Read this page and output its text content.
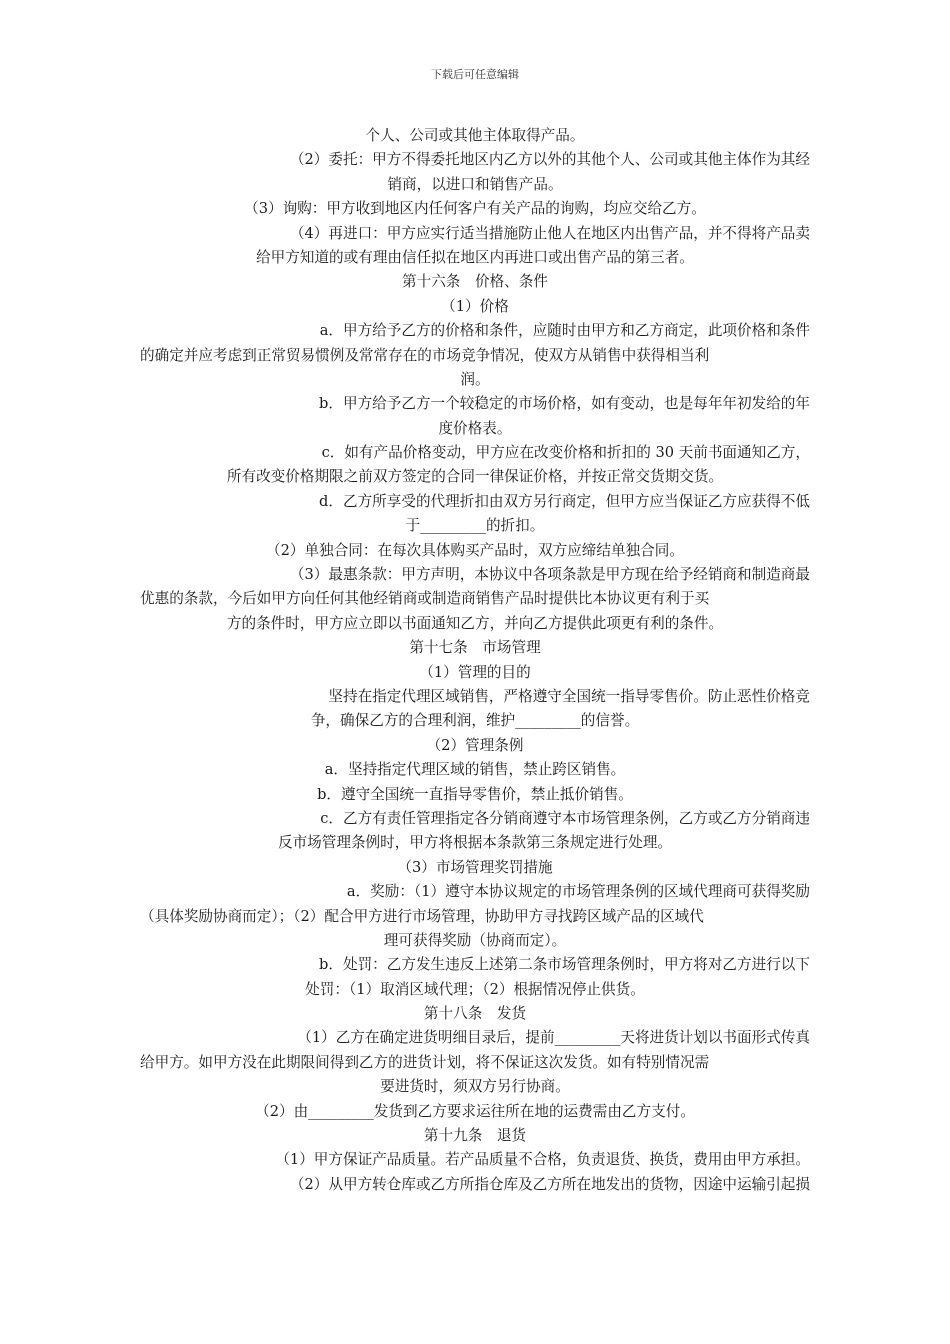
下载后可任意编辑
个人、公司或其他主体取得产品。
（2）委托：甲方不得委托地区内乙方以外的其他个人、公司或其他主体作为其经
销商，以进口和销售产品。
（3）询购：甲方收到地区内任何客户有关产品的询购，均应交给乙方。
（4）再进口：甲方应实行适当措施防止他人在地区内出售产品，并不得将产品卖
给甲方知道的或有理由信任拟在地区内再进口或出售产品的第三者。
第十六条　价格、条件
（1）价格
a．甲方给予乙方的价格和条件，应随时由甲方和乙方商定，此项价格和条件
的确定并应考虑到正常贸易惯例及常常存在的市场竞争情况，使双方从销售中获得相当利
润。
b．甲方给予乙方一个较稳定的市场价格，如有变动，也是每年年初发给的年
度价格表。
c．如有产品价格变动，甲方应在改变价格和折扣的 30 天前书面通知乙方，
所有改变价格期限之前双方签定的合同一律保证价格，并按正常交货期交货。
d．乙方所享受的代理折扣由双方另行商定，但甲方应当保证乙方应获得不低
于_________的折扣。
（2）单独合同：在每次具体购买产品时，双方应缔结单独合同。
（3）最惠条款：甲方声明，本协议中各项条款是甲方现在给予经销商和制造商最
优惠的条款，今后如甲方向任何其他经销商或制造商销售产品时提供比本协议更有利于买
方的条件时，甲方应立即以书面通知乙方，并向乙方提供此项更有利的条件。
第十七条　市场管理
（1）管理的目的
坚持在指定代理区域销售，严格遵守全国统一指导零售价。防止恶性价格竞
争，确保乙方的合理利润，维护_________的信誉。
（2）管理条例
a．坚持指定代理区域的销售，禁止跨区销售。
b．遵守全国统一直指导零售价，禁止抵价销售。
c．乙方有责任管理指定各分销商遵守本市场管理条例，乙方或乙方分销商违
反市场管理条例时，甲方将根据本条款第三条规定进行处理。
（3）市场管理奖罚措施
a．奖励：（1）遵守本协议规定的市场管理条例的区域代理商可获得奖励
（具体奖励协商而定）；（2）配合甲方进行市场管理，协助甲方寻找跨区域产品的区域代
理可获得奖励（协商而定）。
b．处罚：乙方发生违反上述第二条市场管理条例时，甲方将对乙方进行以下
处罚：（1）取消区域代理；（2）根据情况停止供货。
第十八条　发货
（1）乙方在确定进货明细目录后，提前_________天将进货计划以书面形式传真
给甲方。如甲方没在此期限间得到乙方的进货计划，将不保证这次发货。如有特别情况需
要进货时，须双方另行协商。
（2）由_________发货到乙方要求运往所在地的运费需由乙方支付。
第十九条　退货
（1）甲方保证产品质量。若产品质量不合格，负责退货、换货，费用由甲方承担。
（2）从甲方转仓库或乙方所指仓库及乙方所在地发出的货物，因途中运输引起损
